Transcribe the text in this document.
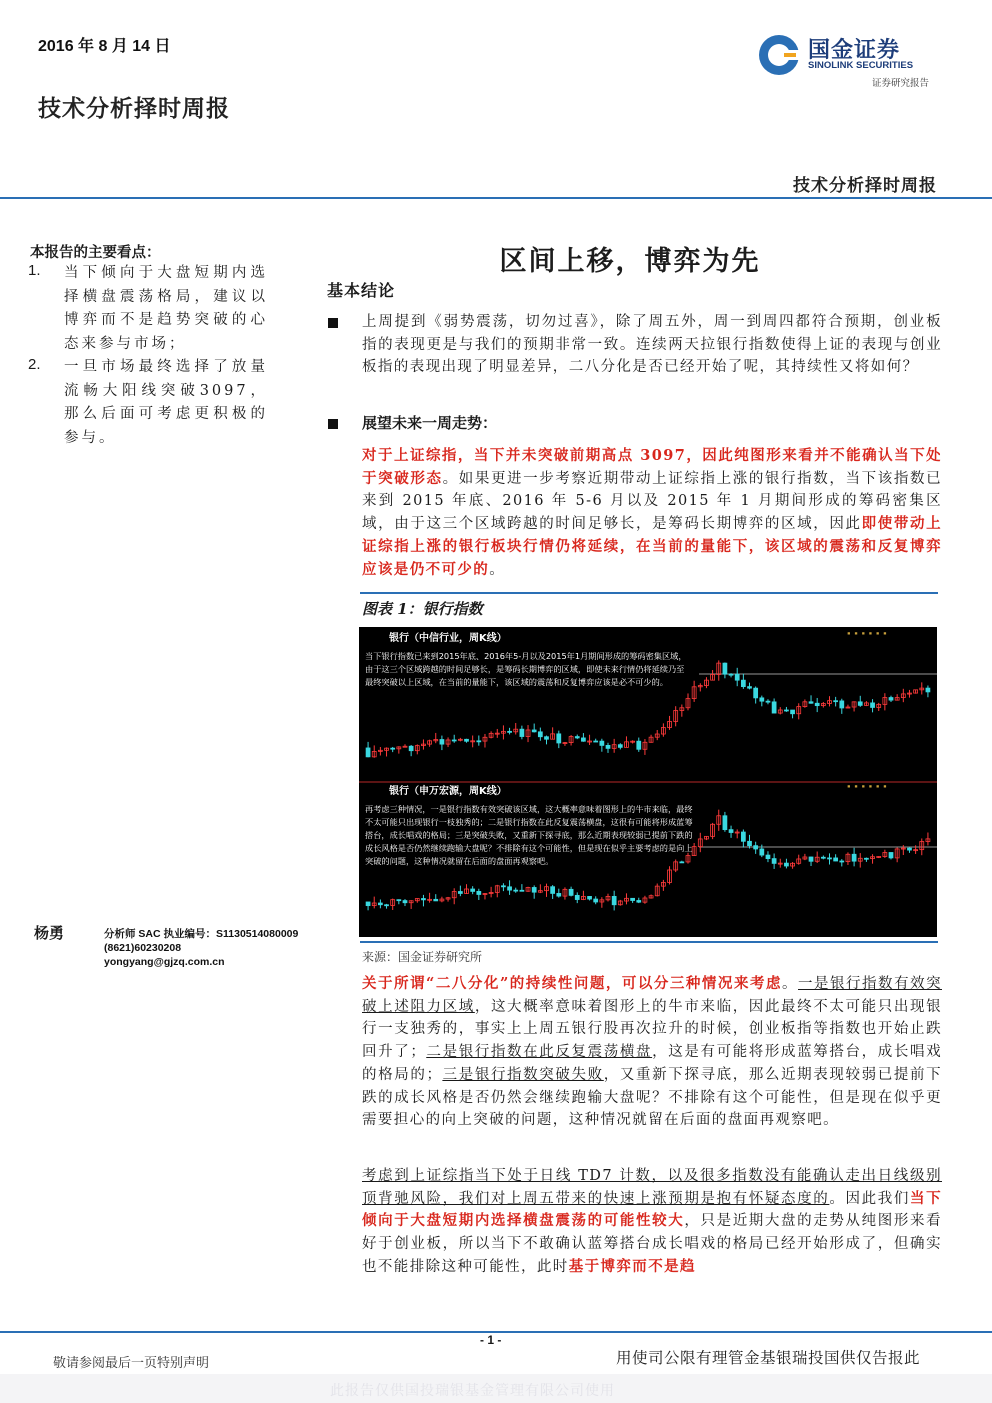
2016 年 8 月 14 日
技术分析择时周报
国金证券
SINOLINK SECURITIES
证券研究报告
技术分析择时周报
本报告的主要看点：
1. 当下倾向于大盘短期内选择横盘震荡格局，建议以博弈而不是趋势突破的心态来参与市场；
2. 一旦市场最终选择了放量流畅大阳线突破3097，那么后面可考虑更积极的参与。
杨勇	分析师 SAC 执业编号：S1130514080009
(8621)60230208
yongyang@gjzq.com.cn
区间上移，博弈为先
基本结论
上周提到《弱势震荡，切勿过喜》，除了周五外，周一到周四都符合预期，创业板指的表现更是与我们的预期非常一致。连续两天拉银行指数使得上证的表现与创业板指的表现出现了明显差异，二八分化是否已经开始了呢，其持续性又将如何？
展望未来一周走势：
对于上证综指，当下并未突破前期高点 3097，因此纯图形来看并不能确认当下处于突破形态。如果更进一步考察近期带动上证综指上涨的银行指数，当下该指数已来到 2015 年底、2016 年 5-6 月以及 2015 年 1 月期间形成的筹码密集区域，由于这三个区域跨越的时间足够长，是筹码长期博弈的区域，因此即使带动上证综指上涨的银行板块行情仍将延续，在当前的量能下，该区域的震荡和反复博弈应该是仍不可少的。
图表 1：银行指数
银行（中信行业，周K线）
银行（申万宏源，周K线）
▪ ▪ ▪ ▪ ▪ ▪
▪ ▪ ▪ ▪ ▪ ▪
当下银行指数已来到2015年底、2016年5-月以及2015年1月期间形成的筹码密集区域，由于这三个区域跨越的时间足够长，是筹码长期博弈的区域，即使未来行情仍将延续乃至最终突破以上区域，在当前的量能下，该区域的震荡和反复博弈应该是必不可少的。
再考虑三种情况，一是银行指数有效突破该区域，这大概率意味着图形上的牛市来临，最终不太可能只出现银行一枝独秀的；二是银行指数在此反复震荡横盘，这很有可能将形成蓝筹搭台，成长唱戏的格局；三是突破失败，又重新下探寻底，那么近期表现较弱已提前下跌的成长风格是否仍然继续跑输大盘呢？不排除有这个可能性，但是现在似乎主要考虑的是向上突破的问题，这种情况就留在后面的盘面再观察吧。
来源：国金证券研究所
关于所谓“二八分化”的持续性问题，可以分三种情况来考虑。一是银行指数有效突破上述阻力区域，这大概率意味着图形上的牛市来临，因此最终不太可能只出现银行一支独秀的，事实上上周五银行股再次拉升的时候，创业板指等指数也开始止跌回升了；二是银行指数在此反复震荡横盘，这是有可能将形成蓝筹搭台，成长唱戏的格局的；三是银行指数突破失败，又重新下探寻底，那么近期表现较弱已提前下跌的成长风格是否仍然会继续跑输大盘呢？不排除有这个可能性，但是现在似乎更需要担心的向上突破的问题，这种情况就留在后面的盘面再观察吧。
考虑到上证综指当下处于日线 TD7 计数，以及很多指数没有能确认走出日线级别顶背驰风险，我们对上周五带来的快速上涨预期是抱有怀疑态度的。因此我们当下倾向于大盘短期内选择横盘震荡的可能性较大，只是近期大盘的走势从纯图形来看好于创业板，所以当下不敢确认蓝筹搭台成长唱戏的格局已经开始形成了，但确实也不能排除这种可能性，此时基于博弈而不是趋
- 1 -
敬请参阅最后一页特别声明	用使司公限有理管金基银瑞投国供仅告报此
此报告仅供国投瑞银基金管理有限公司使用
